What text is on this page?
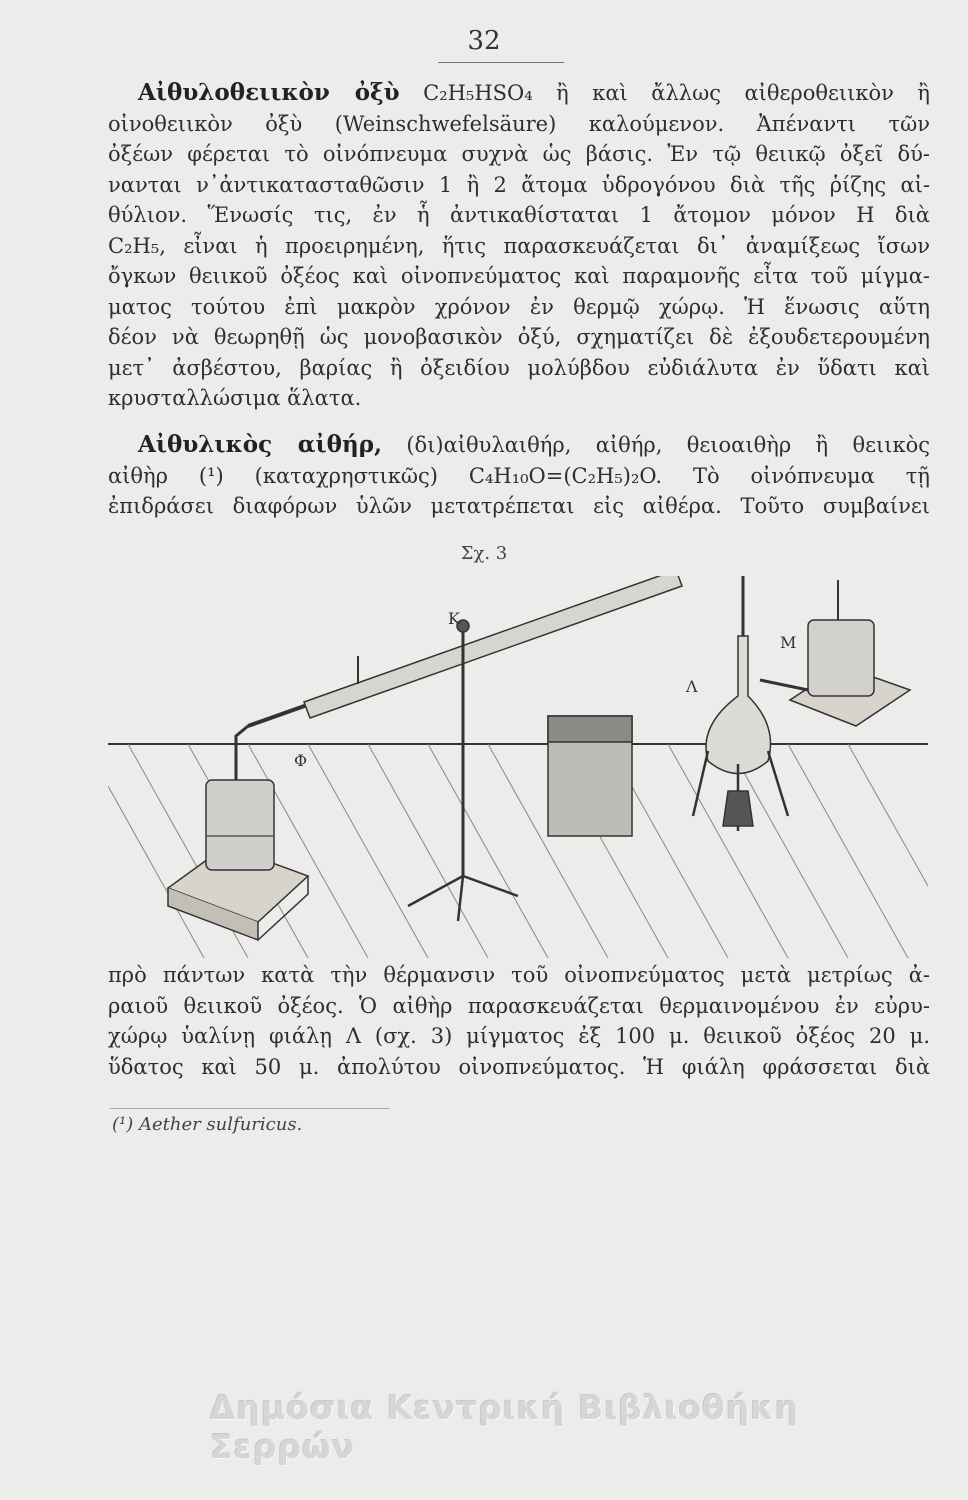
32
Αἰθυλοθειικὸν ὀξὺ C₂H₅HSO₄ ἢ καὶ ἄλλως αἰθεροθειικὸν ἢ
οἰνοθειικὸν ὀξὺ (Weinschwefelsäure) καλούμενον. Ἀπέναντι τῶν
ὀξέων φέρεται τὸ οἰνόπνευμα συχνὰ ὡς βάσις. Ἐν τῷ θειικῷ ὀξεῖ δύ-
νανται ν᾽ἀντικατασταθῶσιν 1 ἢ 2 ἄτομα ὑδρογόνου διὰ τῆς ῥίζης αἰ-
θύλιον. Ἕνωσίς τις, ἐν ἧ ἀντικαθίσταται 1 ἄτομον μόνον Η διὰ
C₂H₅, εἶναι ἡ προειρημένη, ἥτις παρασκευάζεται δι᾽ ἀναμίξεως ἴσων
ὄγκων θειικοῦ ὀξέος καὶ οἰνοπνεύματος καὶ παραμονῆς εἶτα τοῦ μίγμα-
ματος τούτου ἐπὶ μακρὸν χρόνον ἐν θερμῷ χώρῳ. Ἡ ἕνωσις αὕτη
δέον νὰ θεωρηθῇ ὡς μονοβασικὸν ὀξύ, σχηματίζει δὲ ἐξουδετερουμένη
μετ᾽ ἀσβέστου, βαρίας ἢ ὀξειδίου μολύβδου εὐδιάλυτα ἐν ὕδατι καὶ
κρυσταλλώσιμα ἅλατα.
Αἰθυλικὸς αἰθήρ, (δι)αἰθυλαιθήρ, αἰθήρ, θειοαιθὴρ ἢ θειικὸς
αἰθὴρ (¹) (καταχρηστικῶς) C₄H₁₀O=(C₂H₅)₂O. Τὸ οἰνόπνευμα τῇ
ἐπιδράσει διαφόρων ὑλῶν μετατρέπεται εἰς αἰθέρα. Τοῦτο συμβαίνει
Σχ. 3
K
Λ
Φ
M
πρὸ πάντων κατὰ τὴν θέρμανσιν τοῦ οἰνοπνεύματος μετὰ μετρίως ἀ-
ραιοῦ θειικοῦ ὀξέος. Ὁ αἰθὴρ παρασκευάζεται θερμαινομένου ἐν εὐρυ-
χώρῳ ὑαλίνῃ φιάλῃ Λ (σχ. 3) μίγματος ἐξ 100 μ. θειικοῦ ὀξέος 20 μ.
ὕδατος καὶ 50 μ. ἀπολύτου οἰνοπνεύματος. Ἡ φιάλη φράσσεται διὰ
(¹) Aether sulfuricus.
Δημόσια Κεντρική Βιβλιοθήκη Σερρών
